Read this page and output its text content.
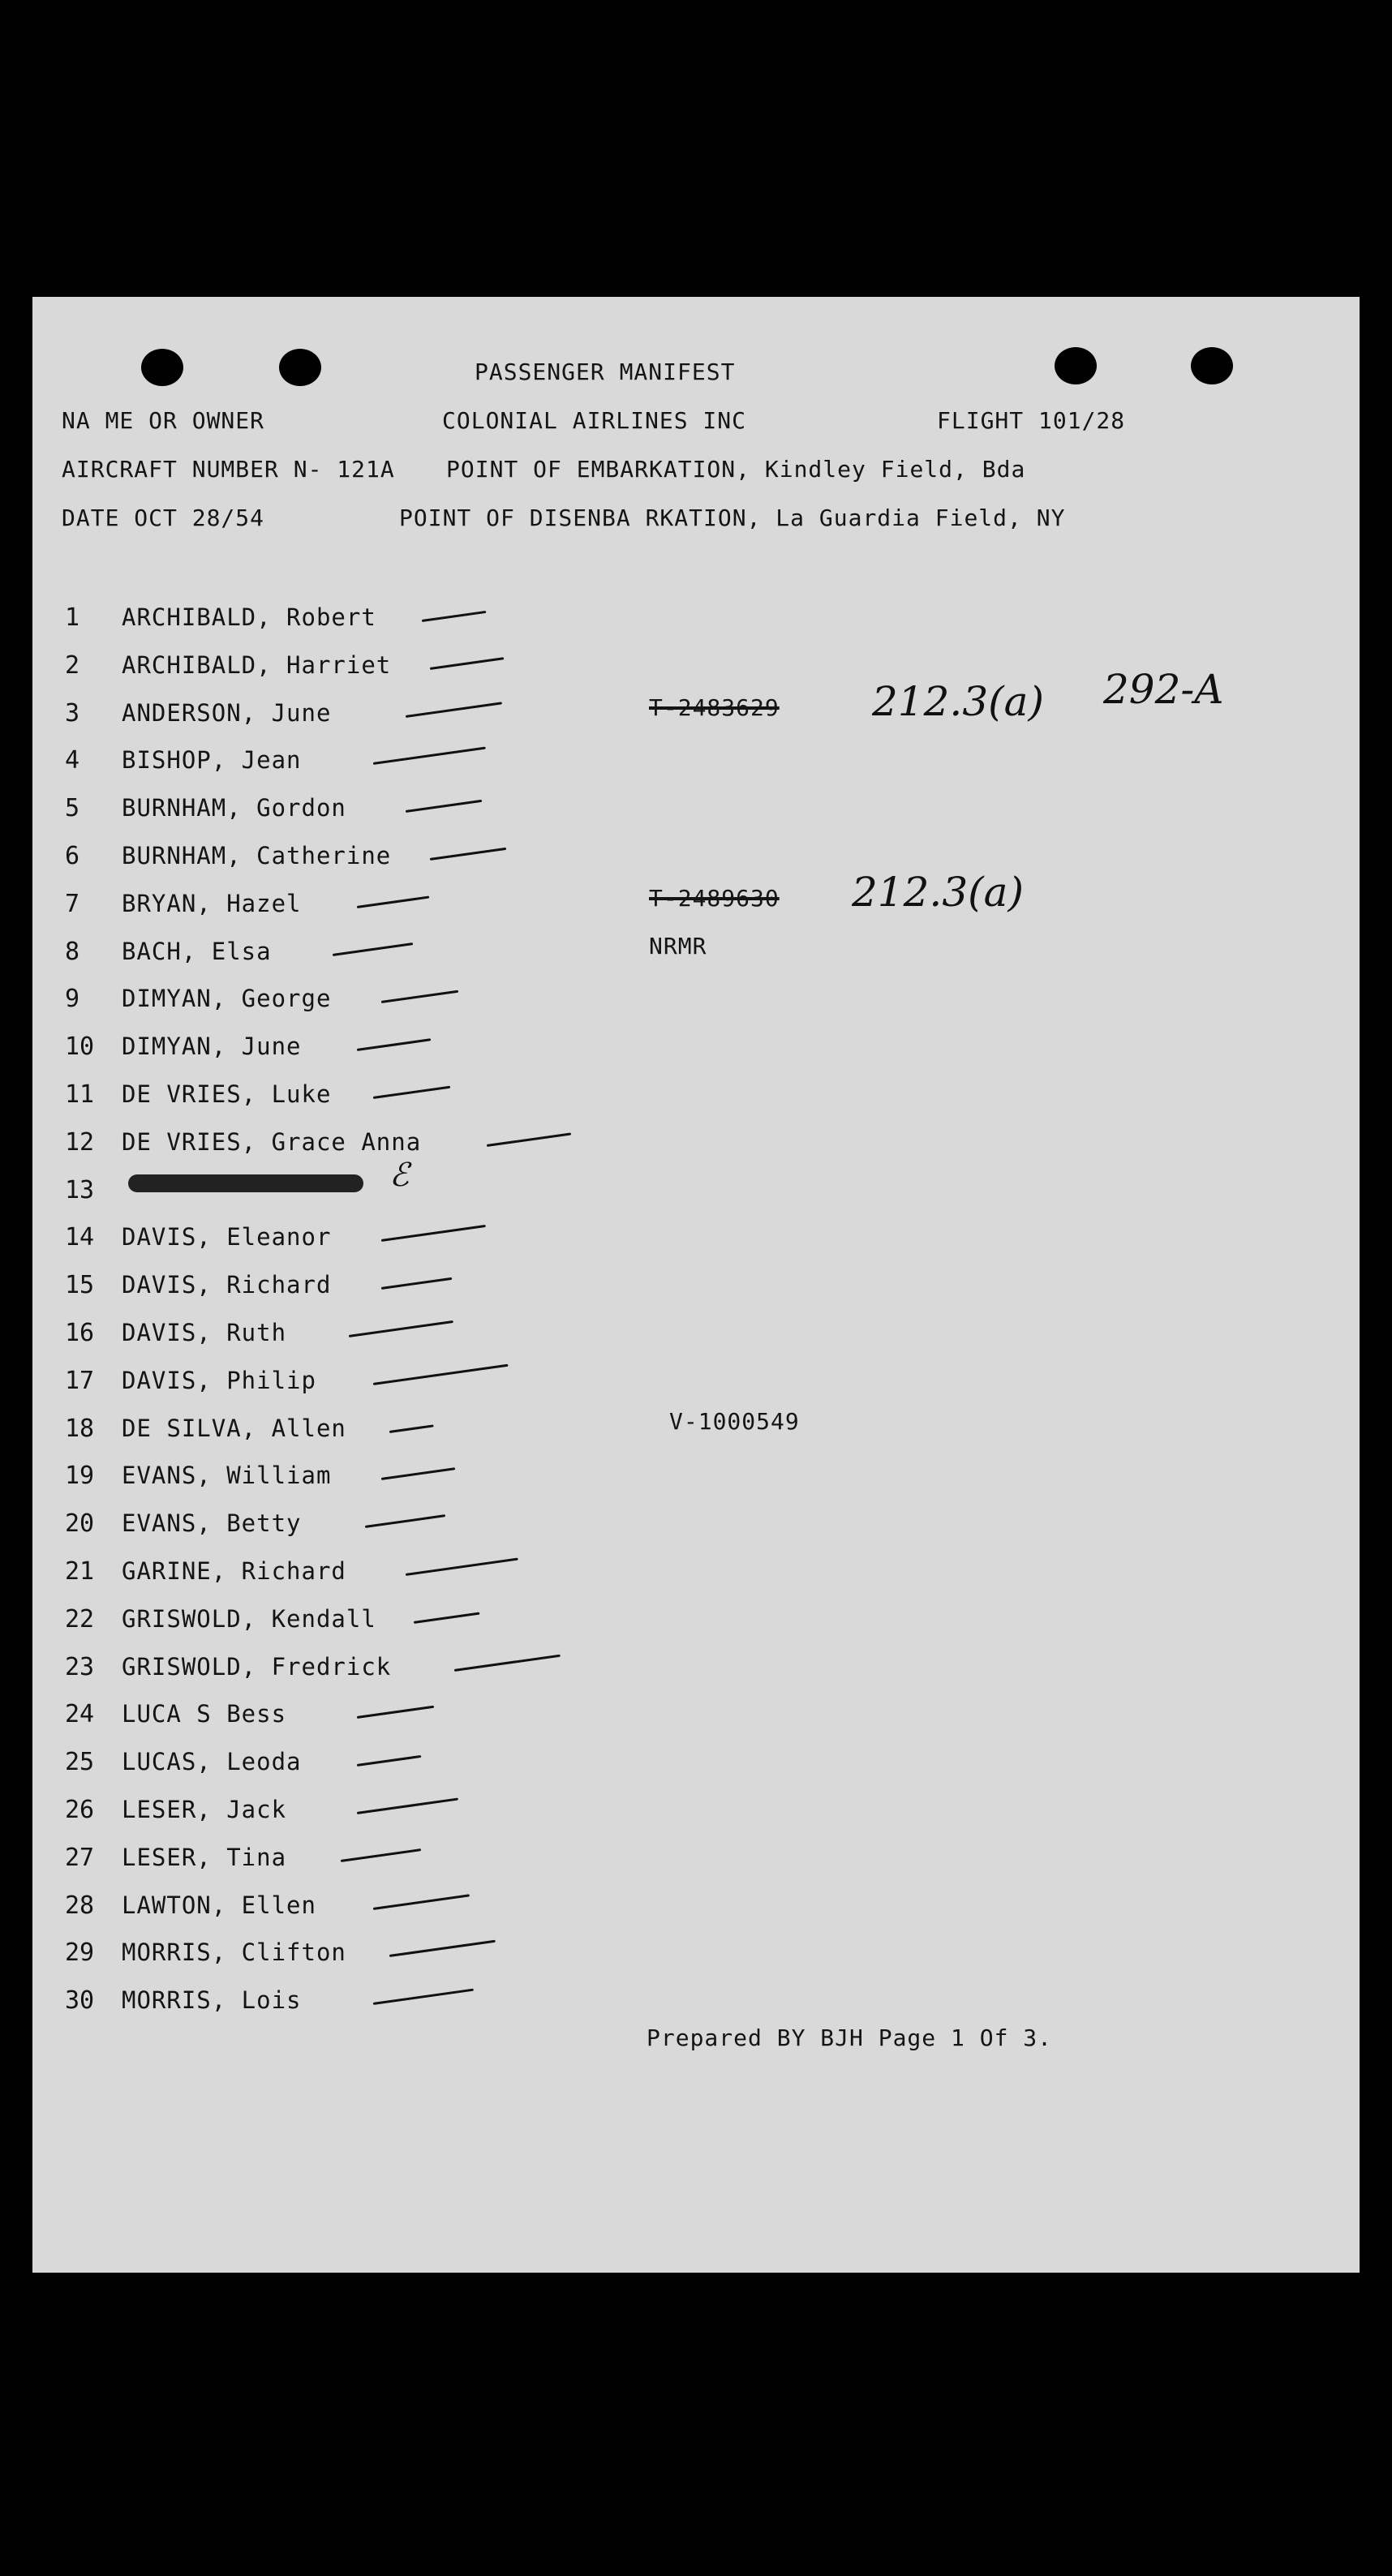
PASSENGER MANIFEST
NA ME OR OWNER	COLONIAL AIRLINES INC	FLIGHT 101/28
AIRCRAFT NUMBER N- 121A POINT OF EMBARKATION, Kindley Field, Bda
DATE OCT 28/54	POINT OF DISENBA RKATION, La Guardia Field, NY
1 ARCHIBALD, Robert
2 ARCHIBALD, Harriet
3 ANDERSON, June
4 BISHOP, Jean
5 BURNHAM, Gordon
6 BURNHAM, Catherine
7 BRYAN, Hazel
8 BACH, Elsa
9 DIMYAN, George
10 DIMYAN, June
11 DE VRIES, Luke
12 DE VRIES, Grace Anna
13
14 DAVIS, Eleanor
15 DAVIS, Richard
16 DAVIS, Ruth
17 DAVIS, Philip
18 DE SILVA, Allen
19 EVANS, William
20 EVANS, Betty
21 GARINE, Richard
22 GRISWOLD, Kendall
23 GRISWOLD, Fredrick
24 LUCA S Bess
25 LUCAS, Leoda
26 LESER, Jack
27 LESER, Tina
28 LAWTON, Ellen
29 MORRIS, Clifton
30 MORRIS, Lois
ℰ
T-2483629 212.3(a) 292-A
T-2489630 212.3(a)
NRMR
V-1000549
Prepared BY BJH Page 1 Of 3.
